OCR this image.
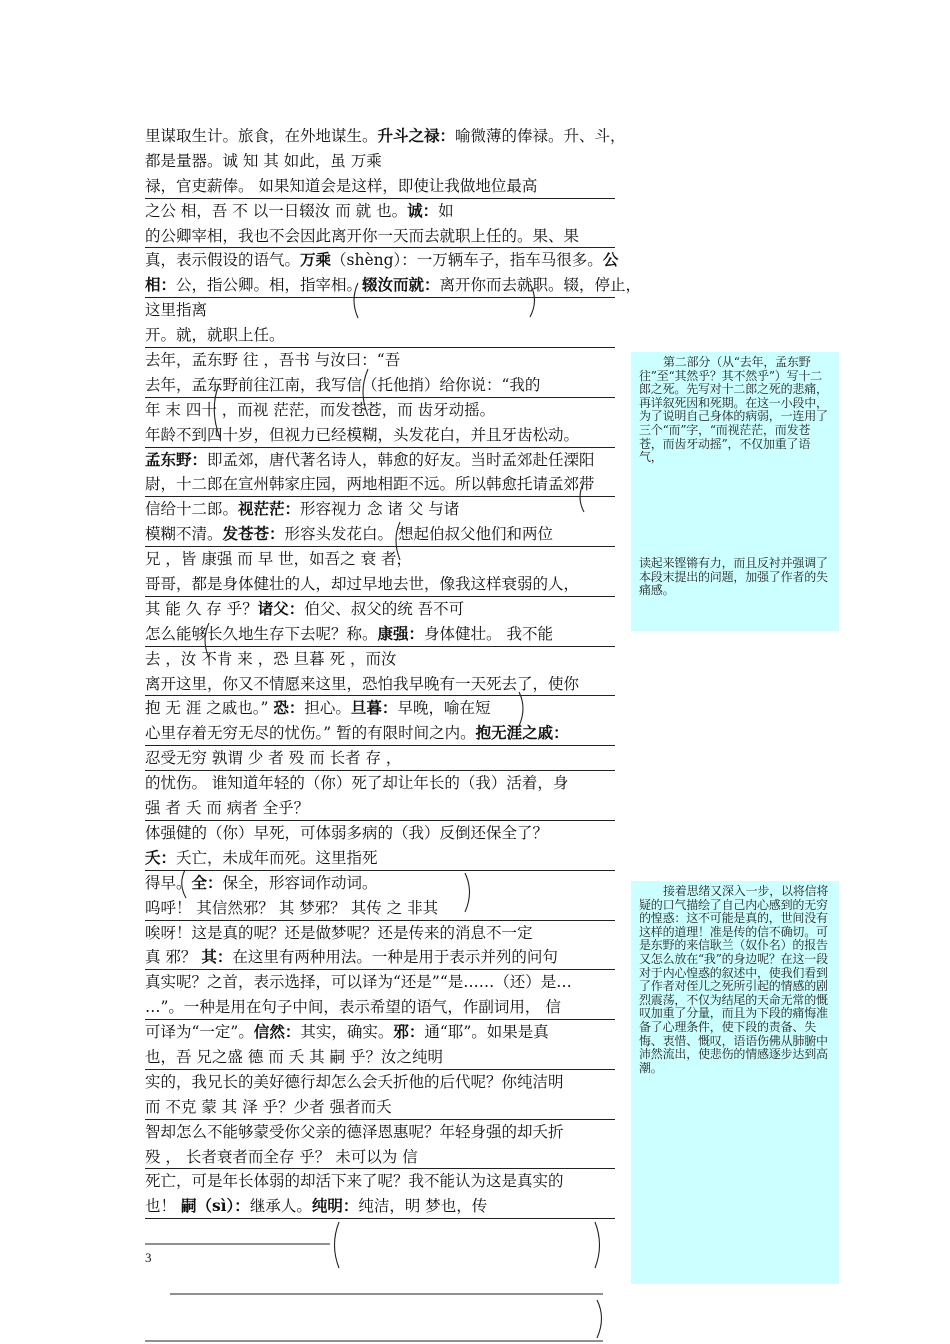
里谋取生计。旅食，在外地谋生。升斗之禄：喻微薄的俸禄。升、斗，
都是量器。诚 知 其 如此，虽 万乘
禄，官吏薪俸。 如果知道会是这样，即使让我做地位最高
之公 相，吾 不 以一日辍汝 而 就 也。诚：如
的公卿宰相，我也不会因此离开你一天而去就职上任的。果、果
真，表示假设的语气。万乘（shèng）：一万辆车子，指车马很多。公
相：公，指公卿。相，指宰相。辍汝而就：离开你而去就职。辍，停止，
这里指离
开。就，就职上任。
去年，孟东野 往 ，吾书 与汝曰：“吾
去年，孟东野前往江南，我写信（托他捎）给你说：“我的
年 末 四十 ，而视 茫茫，而发苍苍，而 齿牙动摇。
年龄不到四十岁，但视力已经模糊，头发花白，并且牙齿松动。
孟东野：即孟郊，唐代著名诗人，韩愈的好友。当时孟郊赴任溧阳
尉，十二郎在宣州韩家庄园，两地相距不远。所以韩愈托请孟郊带
信给十二郎。视茫茫：形容视力 念 诸 父 与诸
模糊不清。发苍苍：形容头发花白。 想起伯叔父他们和两位
兄 ，皆 康强 而 早 世，如吾之 衰 者，
哥哥，都是身体健壮的人，却过早地去世，像我这样衰弱的人，
其 能 久 存 乎？诸父：伯父、叔父的统 吾不可
怎么能够长久地生存下去呢？称。康强：身体健壮。 我不能
去 ，汝 不肯 来 ，恐 旦暮 死 ，而汝
离开这里，你又不情愿来这里，恐怕我早晚有一天死去了，使你
抱 无 涯 之戚也。” 恐：担心。旦暮：早晚，喻在短
心里存着无穷无尽的忧伤。” 暂的有限时间之内。抱无涯之戚：
忍受无穷 孰谓 少 者 殁 而 长者 存 ，
的忧伤。 谁知道年轻的（你）死了却让年长的（我）活着，身
强 者 夭 而 病者 全乎？
体强健的（你）早死，可体弱多病的（我）反倒还保全了？
夭：夭亡，未成年而死。这里指死
得早。全：保全，形容词作动词。
呜呼！ 其信然邪？ 其 梦邪？ 其传 之 非其
唉呀！这是真的呢？还是做梦呢？还是传来的消息不一定
真 邪？ 其：在这里有两种用法。一种是用于表示并列的问句
真实呢？之首，表示选择，可以译为“还是”“是……（还）是…
…”。一种是用在句子中间，表示希望的语气，作副词用， 信
可译为“一定”。信然：其实，确实。邪：通“耶”。如果是真
也，吾 兄之盛 德 而 夭 其 嗣 乎？汝之纯明
实的，我兄长的美好德行却怎么会夭折他的后代呢？你纯洁明
而 不克 蒙 其 泽 乎？少者 强者而夭
智却怎么不能够蒙受你父亲的德泽恩惠呢？年轻身强的却夭折
殁 ， 长者衰者而全存 乎？ 未可以为 信
死亡，可是年长体弱的却活下来了呢？我不能认为这是真实的
也！ 嗣（sì）：继承人。纯明：纯洁，明 梦也，传

第二部分（从“去年，孟东野往”至“其然乎？其不然乎”）写十二郎之死。先写对十二郎之死的悲痛，再详叙死因和死期。在这一小段中，为了说明自己身体的病弱，一连用了三个“而”字，“而视茫茫，而发苍苍，而齿牙动摇”，不仅加重了语气，

读起来铿锵有力，而且反衬并强调了本段末提出的问题，加强了作者的失痛感。

接着思绪又深入一步，以将信将疑的口气描绘了自己内心感到的无穷的惶惑：这不可能是真的，世间没有这样的道理！准是传的信不确切。可是东野的来信耿兰（奴仆名）的报告又怎么放在“我”的身边呢？在这一段对于内心惶惑的叙述中，使我们看到了作者对侄儿之死所引起的情感的剧烈震荡，不仅为结尾的天命无常的慨叹加重了分量，而且为下段的痛悔准备了心理条件，使下段的责备、失悔、衷惜、慨叹，语语伤佛从肺腑中沛然流出，使悲伤的情感逐步达到高潮。

3
